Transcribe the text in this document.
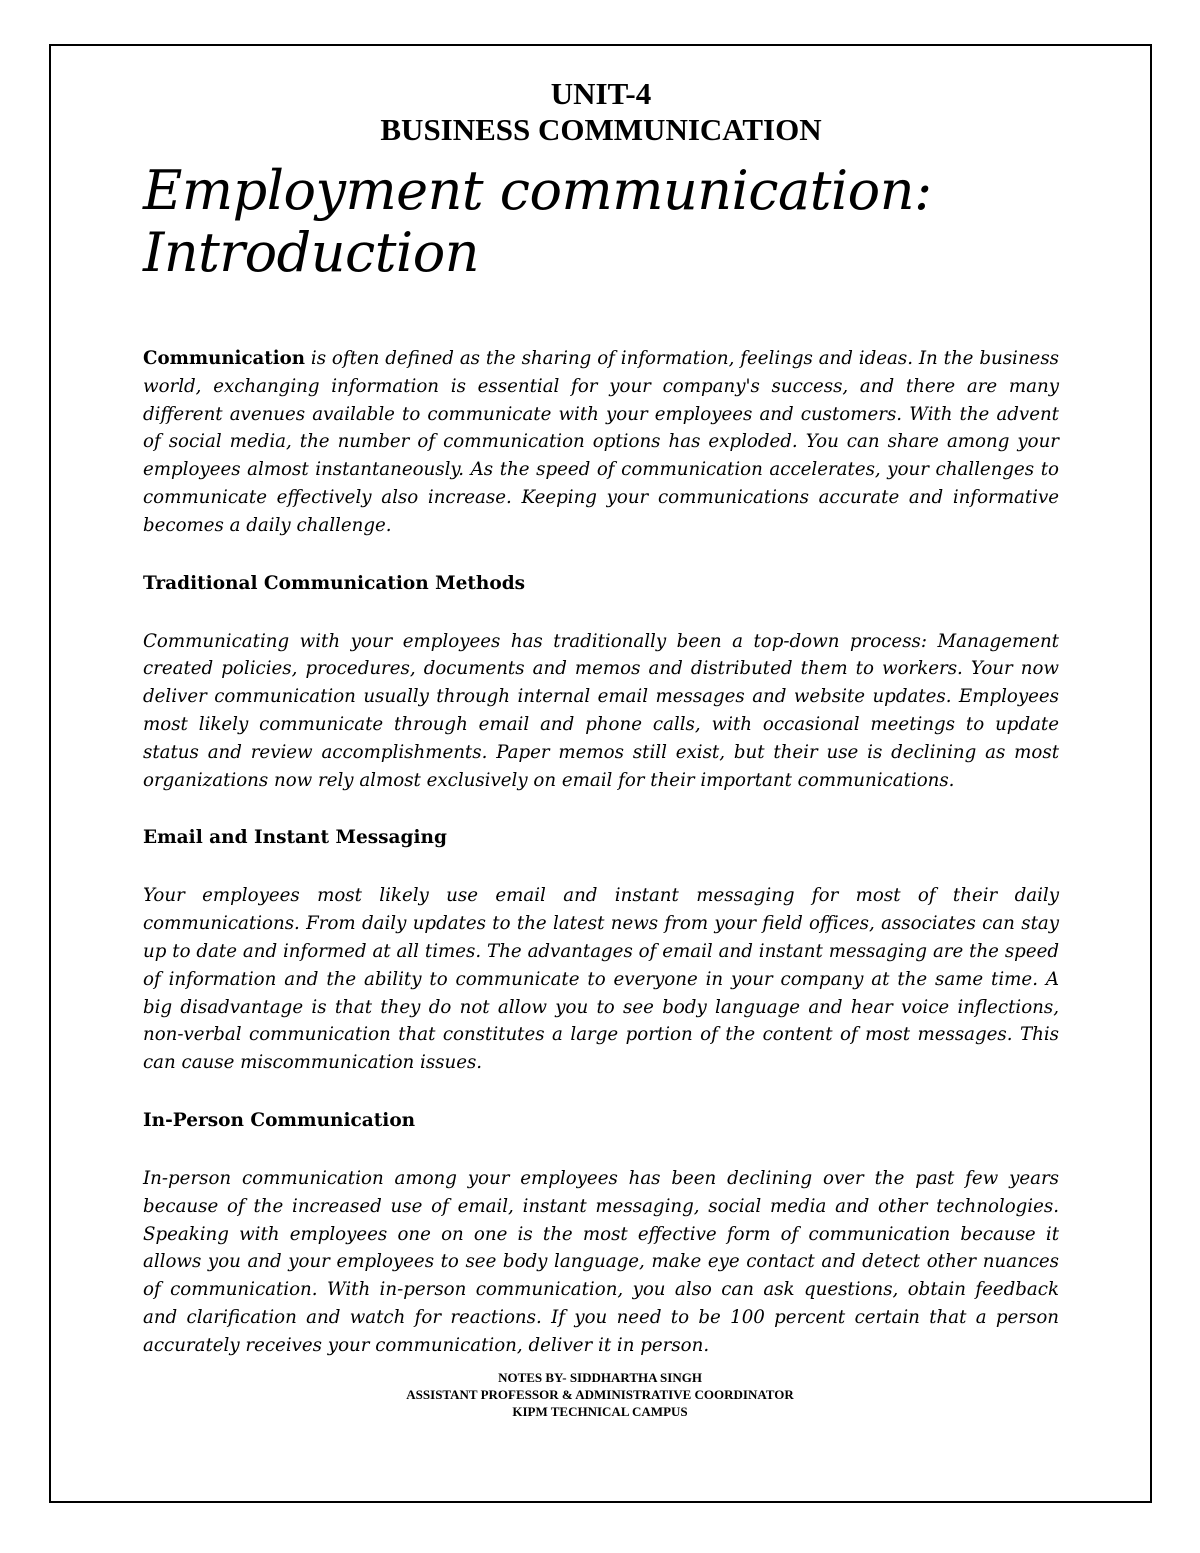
UNIT-4
BUSINESS COMMUNICATION
Employment communication:
Introduction

Communication is often defined as the sharing of information, feelings and ideas. In the business world, exchanging information is essential for your company's success, and there are many different avenues available to communicate with your employees and customers. With the advent of social media, the number of communication options has exploded. You can share among your employees almost instantaneously. As the speed of communication accelerates, your challenges to communicate effectively also increase. Keeping your communications accurate and informative becomes a daily challenge.

Traditional Communication Methods

Communicating with your employees has traditionally been a top-down process: Management created policies, procedures, documents and memos and distributed them to workers. Your now deliver communication usually through internal email messages and website updates. Employees most likely communicate through email and phone calls, with occasional meetings to update status and review accomplishments. Paper memos still exist, but their use is declining as most organizations now rely almost exclusively on email for their important communications.

Email and Instant Messaging

Your employees most likely use email and instant messaging for most of their daily communications. From daily updates to the latest news from your field offices, associates can stay up to date and informed at all times. The advantages of email and instant messaging are the speed of information and the ability to communicate to everyone in your company at the same time. A big disadvantage is that they do not allow you to see body language and hear voice inflections, non-verbal communication that constitutes a large portion of the content of most messages. This can cause miscommunication issues.

In-Person Communication

In-person communication among your employees has been declining over the past few years because of the increased use of email, instant messaging, social media and other technologies. Speaking with employees one on one is the most effective form of communication because it allows you and your employees to see body language, make eye contact and detect other nuances of communication. With in-person communication, you also can ask questions, obtain feedback and clarification and watch for reactions. If you need to be 100 percent certain that a person accurately receives your communication, deliver it in person.

NOTES BY- SIDDHARTHA SINGH
ASSISTANT PROFESSOR & ADMINISTRATIVE COORDINATOR
KIPM TECHNICAL CAMPUS
